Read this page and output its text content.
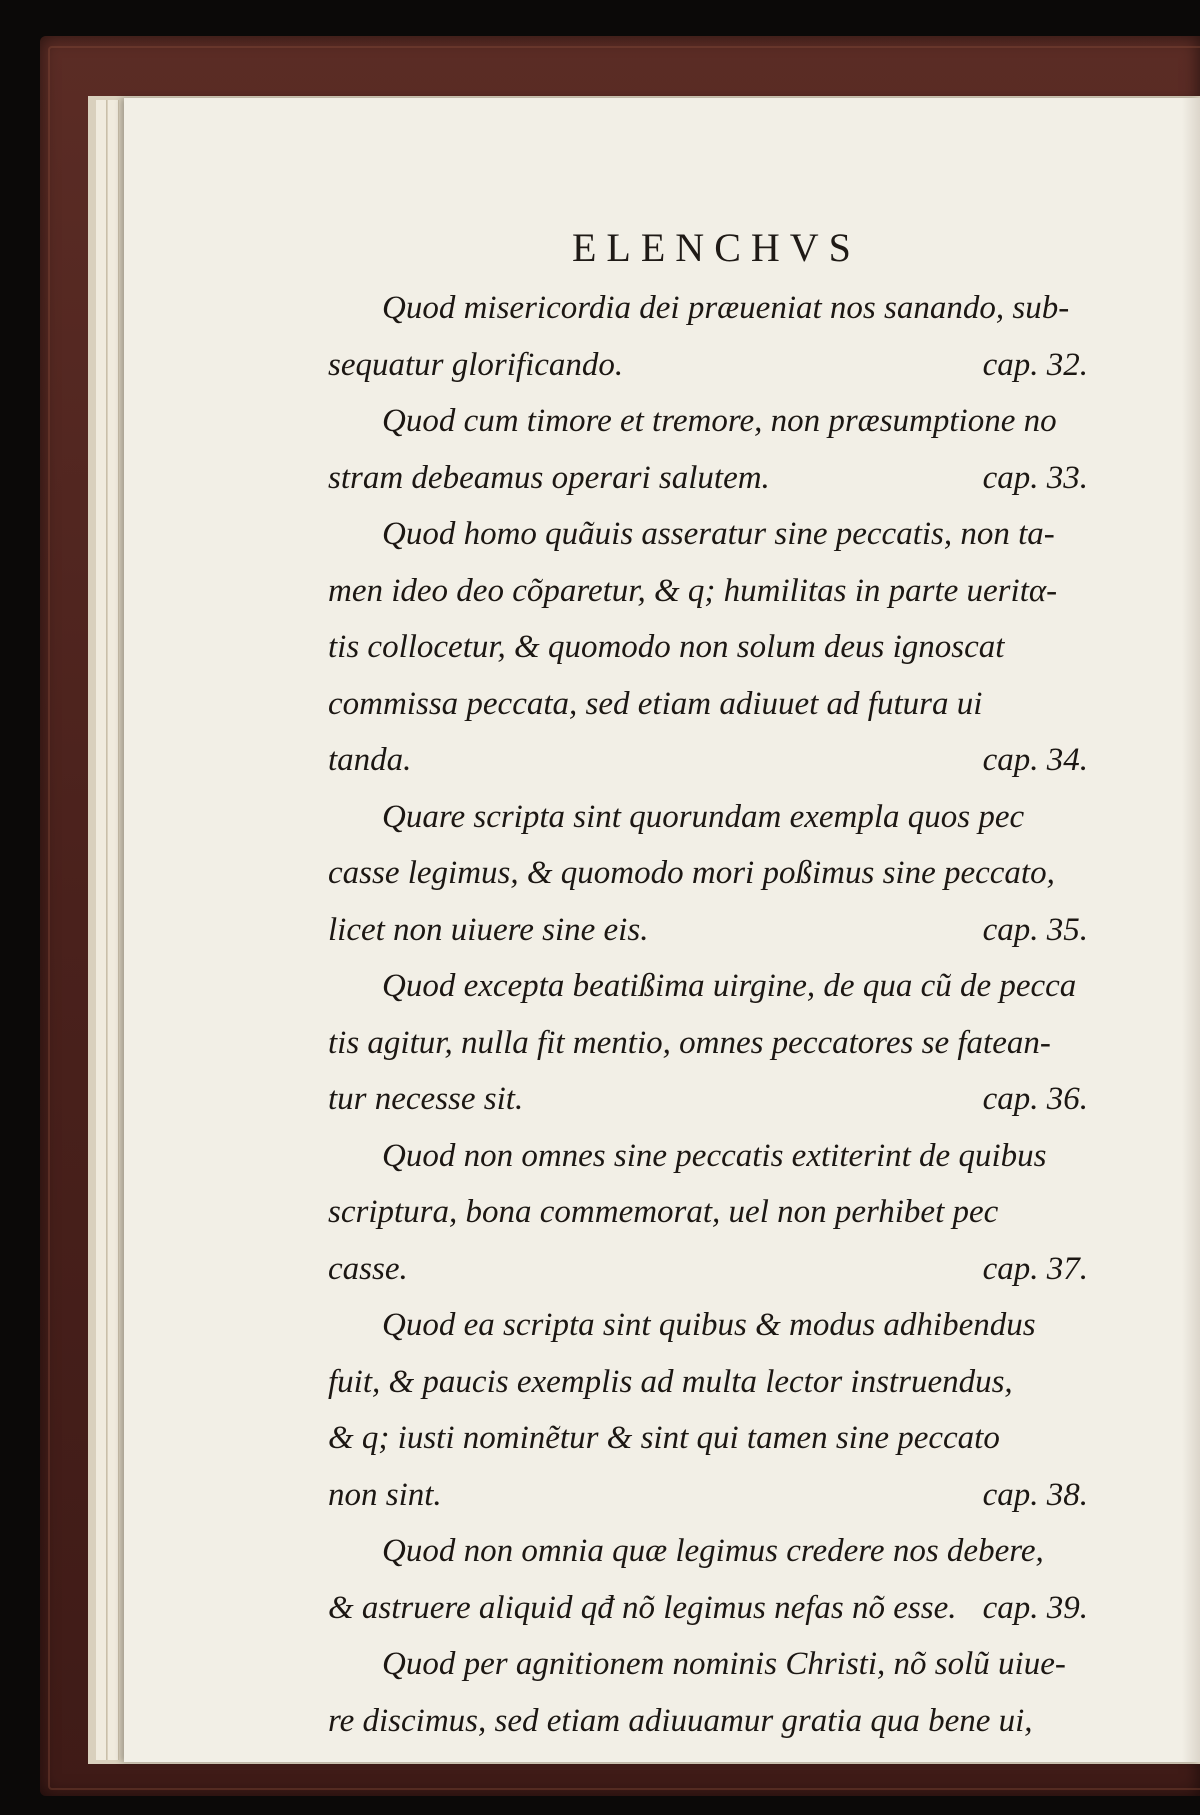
ELENCHVS
Quod misericordia dei præueniat nos sanando, sub-
sequatur glorificando.	cap. 32.
Quod cum timore et tremore, non præsumptione no
stram debeamus operari salutem.	cap. 33.
Quod homo quãuis asseratur sine peccatis, non ta-
men ideo deo cõparetur, & q; humilitas in parte ueritα-
tis collocetur, & quomodo non solum deus ignoscat
commissa peccata, sed etiam adiuuet ad futura ui
tanda.	cap. 34.
Quare scripta sint quorundam exempla quos pec
casse legimus, & quomodo mori poßimus sine peccato,
licet non uiuere sine eis.	cap. 35.
Quod excepta beatißima uirgine, de qua cũ de pecca
tis agitur, nulla fit mentio, omnes peccatores se fatean-
tur necesse sit.	cap. 36.
Quod non omnes sine peccatis extiterint de quibus
scriptura, bona commemorat, uel non perhibet pec
casse.	cap. 37.
Quod ea scripta sint quibus & modus adhibendus
fuit, & paucis exemplis ad multa lector instruendus,
& q; iusti nominẽtur & sint qui tamen sine peccato
non sint.	cap. 38.
Quod non omnia quæ legimus credere nos debere,
& astruere aliquid qđ nõ legimus nefas nõ esse. cap. 39.
Quod per agnitionem nominis Christi, nõ solũ uiue-
re discimus, sed etiam adiuuamur gratia qua bene ui,
